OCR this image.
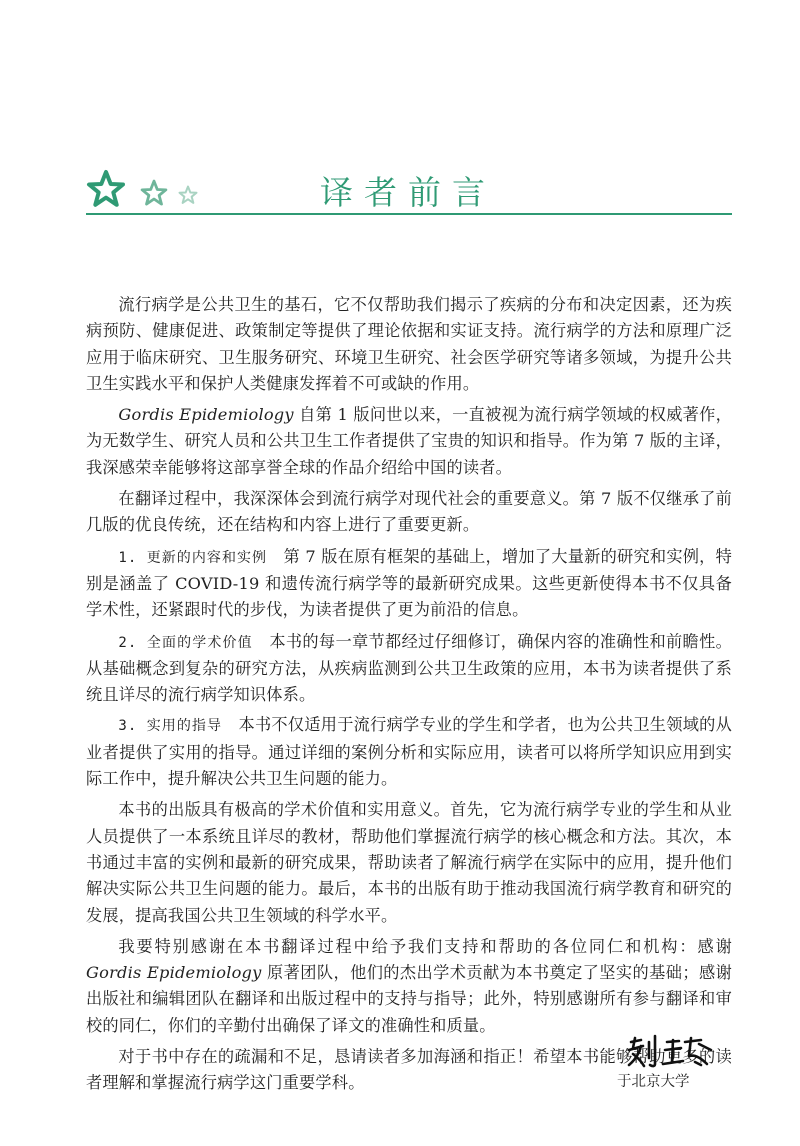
译者前言

流行病学是公共卫生的基石，它不仅帮助我们揭示了疾病的分布和决定因素，还为疾病预防、健康促进、政策制定等提供了理论依据和实证支持。流行病学的方法和原理广泛应用于临床研究、卫生服务研究、环境卫生研究、社会医学研究等诸多领域，为提升公共卫生实践水平和保护人类健康发挥着不可或缺的作用。

Gordis Epidemiology 自第 1 版问世以来，一直被视为流行病学领域的权威著作，为无数学生、研究人员和公共卫生工作者提供了宝贵的知识和指导。作为第 7 版的主译，我深感荣幸能够将这部享誉全球的作品介绍给中国的读者。

在翻译过程中，我深深体会到流行病学对现代社会的重要意义。第 7 版不仅继承了前几版的优良传统，还在结构和内容上进行了重要更新。

1. 更新的内容和实例　第 7 版在原有框架的基础上，增加了大量新的研究和实例，特别是涵盖了 COVID-19 和遗传流行病学等的最新研究成果。这些更新使得本书不仅具备学术性，还紧跟时代的步伐，为读者提供了更为前沿的信息。

2. 全面的学术价值　本书的每一章节都经过仔细修订，确保内容的准确性和前瞻性。从基础概念到复杂的研究方法，从疾病监测到公共卫生政策的应用，本书为读者提供了系统且详尽的流行病学知识体系。

3. 实用的指导　本书不仅适用于流行病学专业的学生和学者，也为公共卫生领域的从业者提供了实用的指导。通过详细的案例分析和实际应用，读者可以将所学知识应用到实际工作中，提升解决公共卫生问题的能力。

本书的出版具有极高的学术价值和实用意义。首先，它为流行病学专业的学生和从业人员提供了一本系统且详尽的教材，帮助他们掌握流行病学的核心概念和方法。其次，本书通过丰富的实例和最新的研究成果，帮助读者了解流行病学在实际中的应用，提升他们解决实际公共卫生问题的能力。最后，本书的出版有助于推动我国流行病学教育和研究的发展，提高我国公共卫生领域的科学水平。

我要特别感谢在本书翻译过程中给予我们支持和帮助的各位同仁和机构：感谢 Gordis Epidemiology 原著团队，他们的杰出学术贡献为本书奠定了坚实的基础；感谢出版社和编辑团队在翻译和出版过程中的支持与指导；此外，特别感谢所有参与翻译和审校的同仁，你们的辛勤付出确保了译文的准确性和质量。

对于书中存在的疏漏和不足，恳请读者多加海涵和指正！希望本书能够帮助更多的读者理解和掌握流行病学这门重要学科。	于北京大学
